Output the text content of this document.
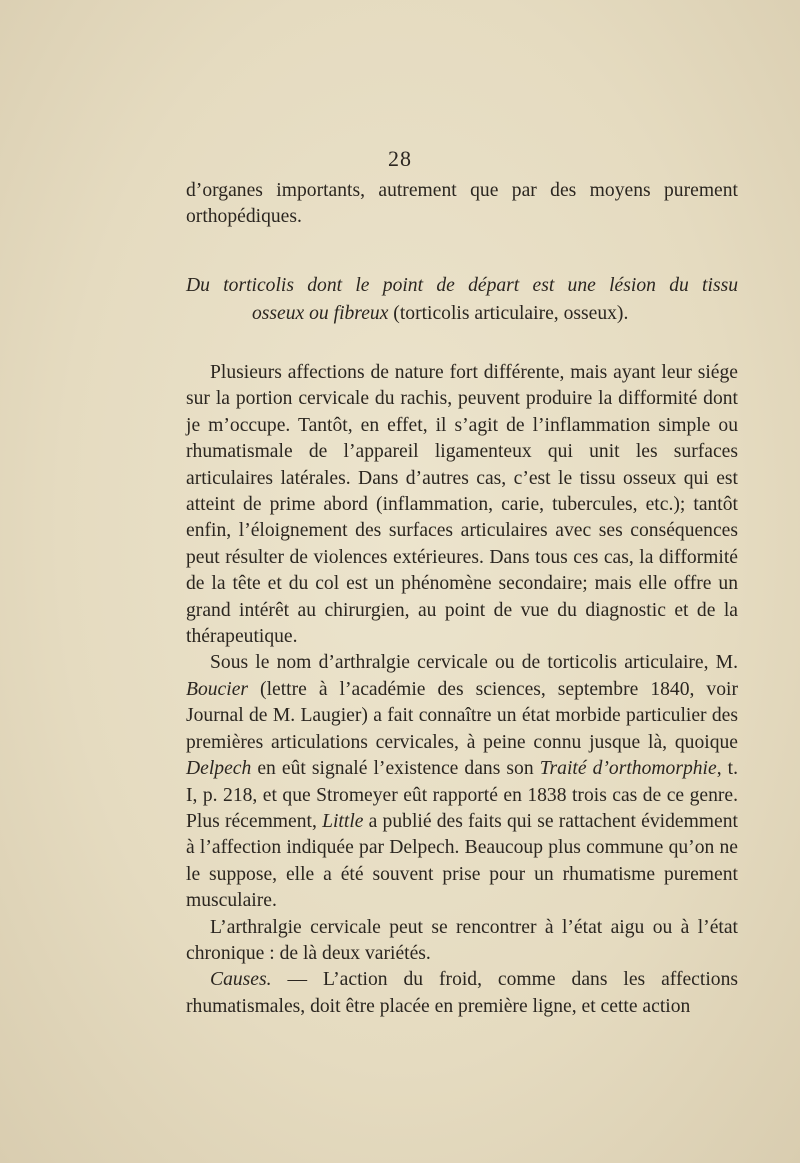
28

d’organes importants, autrement que par des moyens purement orthopédiques.

Du torticolis dont le point de départ est une lésion du tissu
osseux ou fibreux (torticolis articulaire, osseux).

Plusieurs affections de nature fort différente, mais ayant leur siége sur la portion cervicale du rachis, peuvent produire la difformité dont je m’occupe. Tantôt, en effet, il s’agit de l’inflammation simple ou rhumatismale de l’appareil ligamenteux qui unit les surfaces articulaires latérales. Dans d’autres cas, c’est le tissu osseux qui est atteint de prime abord (inflammation, carie, tubercules, etc.); tantôt enfin, l’éloignement des surfaces articulaires avec ses conséquences peut résulter de violences extérieures. Dans tous ces cas, la difformité de la tête et du col est un phénomène secondaire; mais elle offre un grand intérêt au chirurgien, au point de vue du diagnostic et de la thérapeutique.

Sous le nom d’arthralgie cervicale ou de torticolis articulaire, M. Boucier (lettre à l’académie des sciences, septembre 1840, voir Journal de M. Laugier) a fait connaître un état morbide particulier des premières articulations cervicales, à peine connu jusque là, quoique Delpech en eût signalé l’existence dans son Traité d’orthomorphie, t. I, p. 218, et que Stromeyer eût rapporté en 1838 trois cas de ce genre. Plus récemment, Little a publié des faits qui se rattachent évidemment à l’affection indiquée par Delpech. Beaucoup plus commune qu’on ne le suppose, elle a été souvent prise pour un rhumatisme purement musculaire.

L’arthralgie cervicale peut se rencontrer à l’état aigu ou à l’état chronique : de là deux variétés.

Causes. — L’action du froid, comme dans les affections rhumatismales, doit être placée en première ligne, et cette action
